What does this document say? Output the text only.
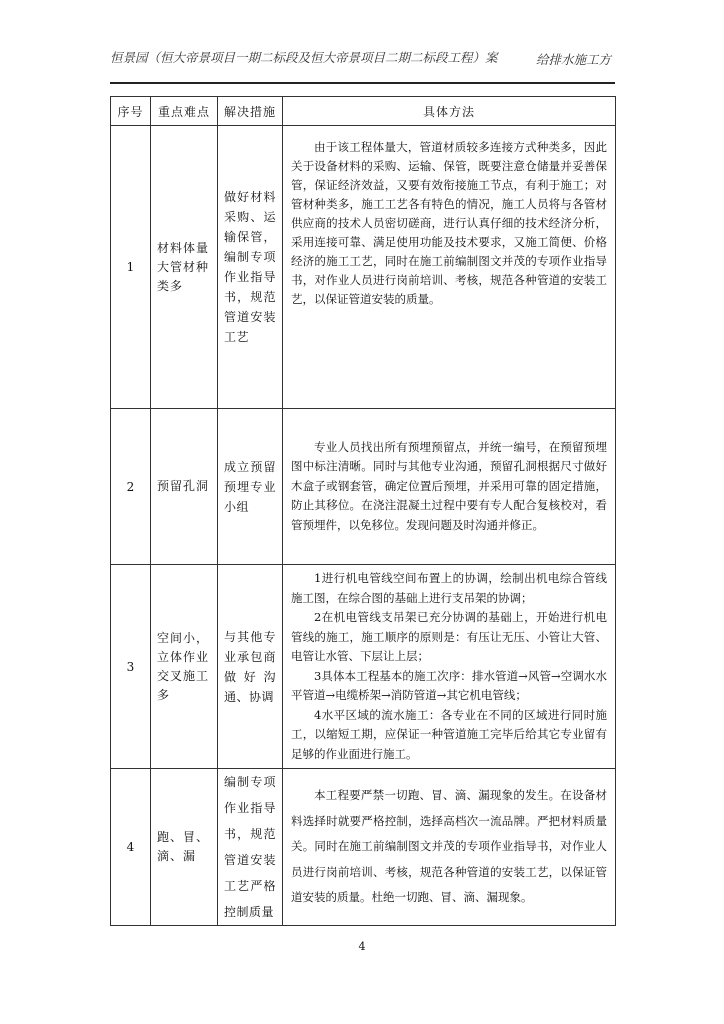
恒景园（恒大帝景项目一期二标段及恒大帝景项目二期二标段工程）案	给排水施工方
序号	重点难点	解决措施	具体方法
1	材料体量大管材种类多	做好材料采购、运输保管，编制专项作业指导书，规范管道安装工艺	由于该工程体量大，管道材质较多连接方式种类多，因此关于设备材料的采购、运输、保管，既要注意仓储量并妥善保管，保证经济效益，又要有效衔接施工节点，有利于施工；对管材种类多，施工工艺各有特色的情况，施工人员将与各管材供应商的技术人员密切磋商，进行认真仔细的技术经济分析，采用连接可靠、满足使用功能及技术要求，又施工简便、价格经济的施工工艺，同时在施工前编制图文并茂的专项作业指导书，对作业人员进行岗前培训、考核，规范各种管道的安装工艺，以保证管道安装的质量。

2	预留孔洞	成立预留预埋专业小组	专业人员找出所有预埋预留点，并统一编号，在预留预埋图中标注清晰。同时与其他专业沟通，预留孔洞根据尺寸做好木盒子或钢套管，确定位置后预埋，并采用可靠的固定措施，防止其移位。在浇注混凝土过程中要有专人配合复核校对，看管预埋件，以免移位。发现问题及时沟通并修正。

3	空间小，立体作业交叉施工多	与其他专业承包商做好沟通、协调	1进行机电管线空间布置上的协调，绘制出机电综合管线施工图，在综合图的基础上进行支吊架的协调；

2在机电管线支吊架已充分协调的基础上，开始进行机电管线的施工，施工顺序的原则是：有压让无压、小管让大管、电管让水管、下层让上层；

3具体本工程基本的施工次序：排水管道→风管→空调水水平管道→电缆桥架→消防管道→其它机电管线；

4水平区域的流水施工：各专业在不同的区域进行同时施工，以缩短工期，应保证一种管道施工完毕后给其它专业留有足够的作业面进行施工。

4	跑、冒、滴、漏	编制专项作业指导书，规范管道安装工艺严格控制质量	本工程要严禁一切跑、冒、滴、漏现象的发生。在设备材料选择时就要严格控制，选择高档次一流品牌。严把材料质量关。同时在施工前编制图文并茂的专项作业指导书，对作业人员进行岗前培训、考核，规范各种管道的安装工艺，以保证管道安装的质量。杜绝一切跑、冒、滴、漏现象。

4
